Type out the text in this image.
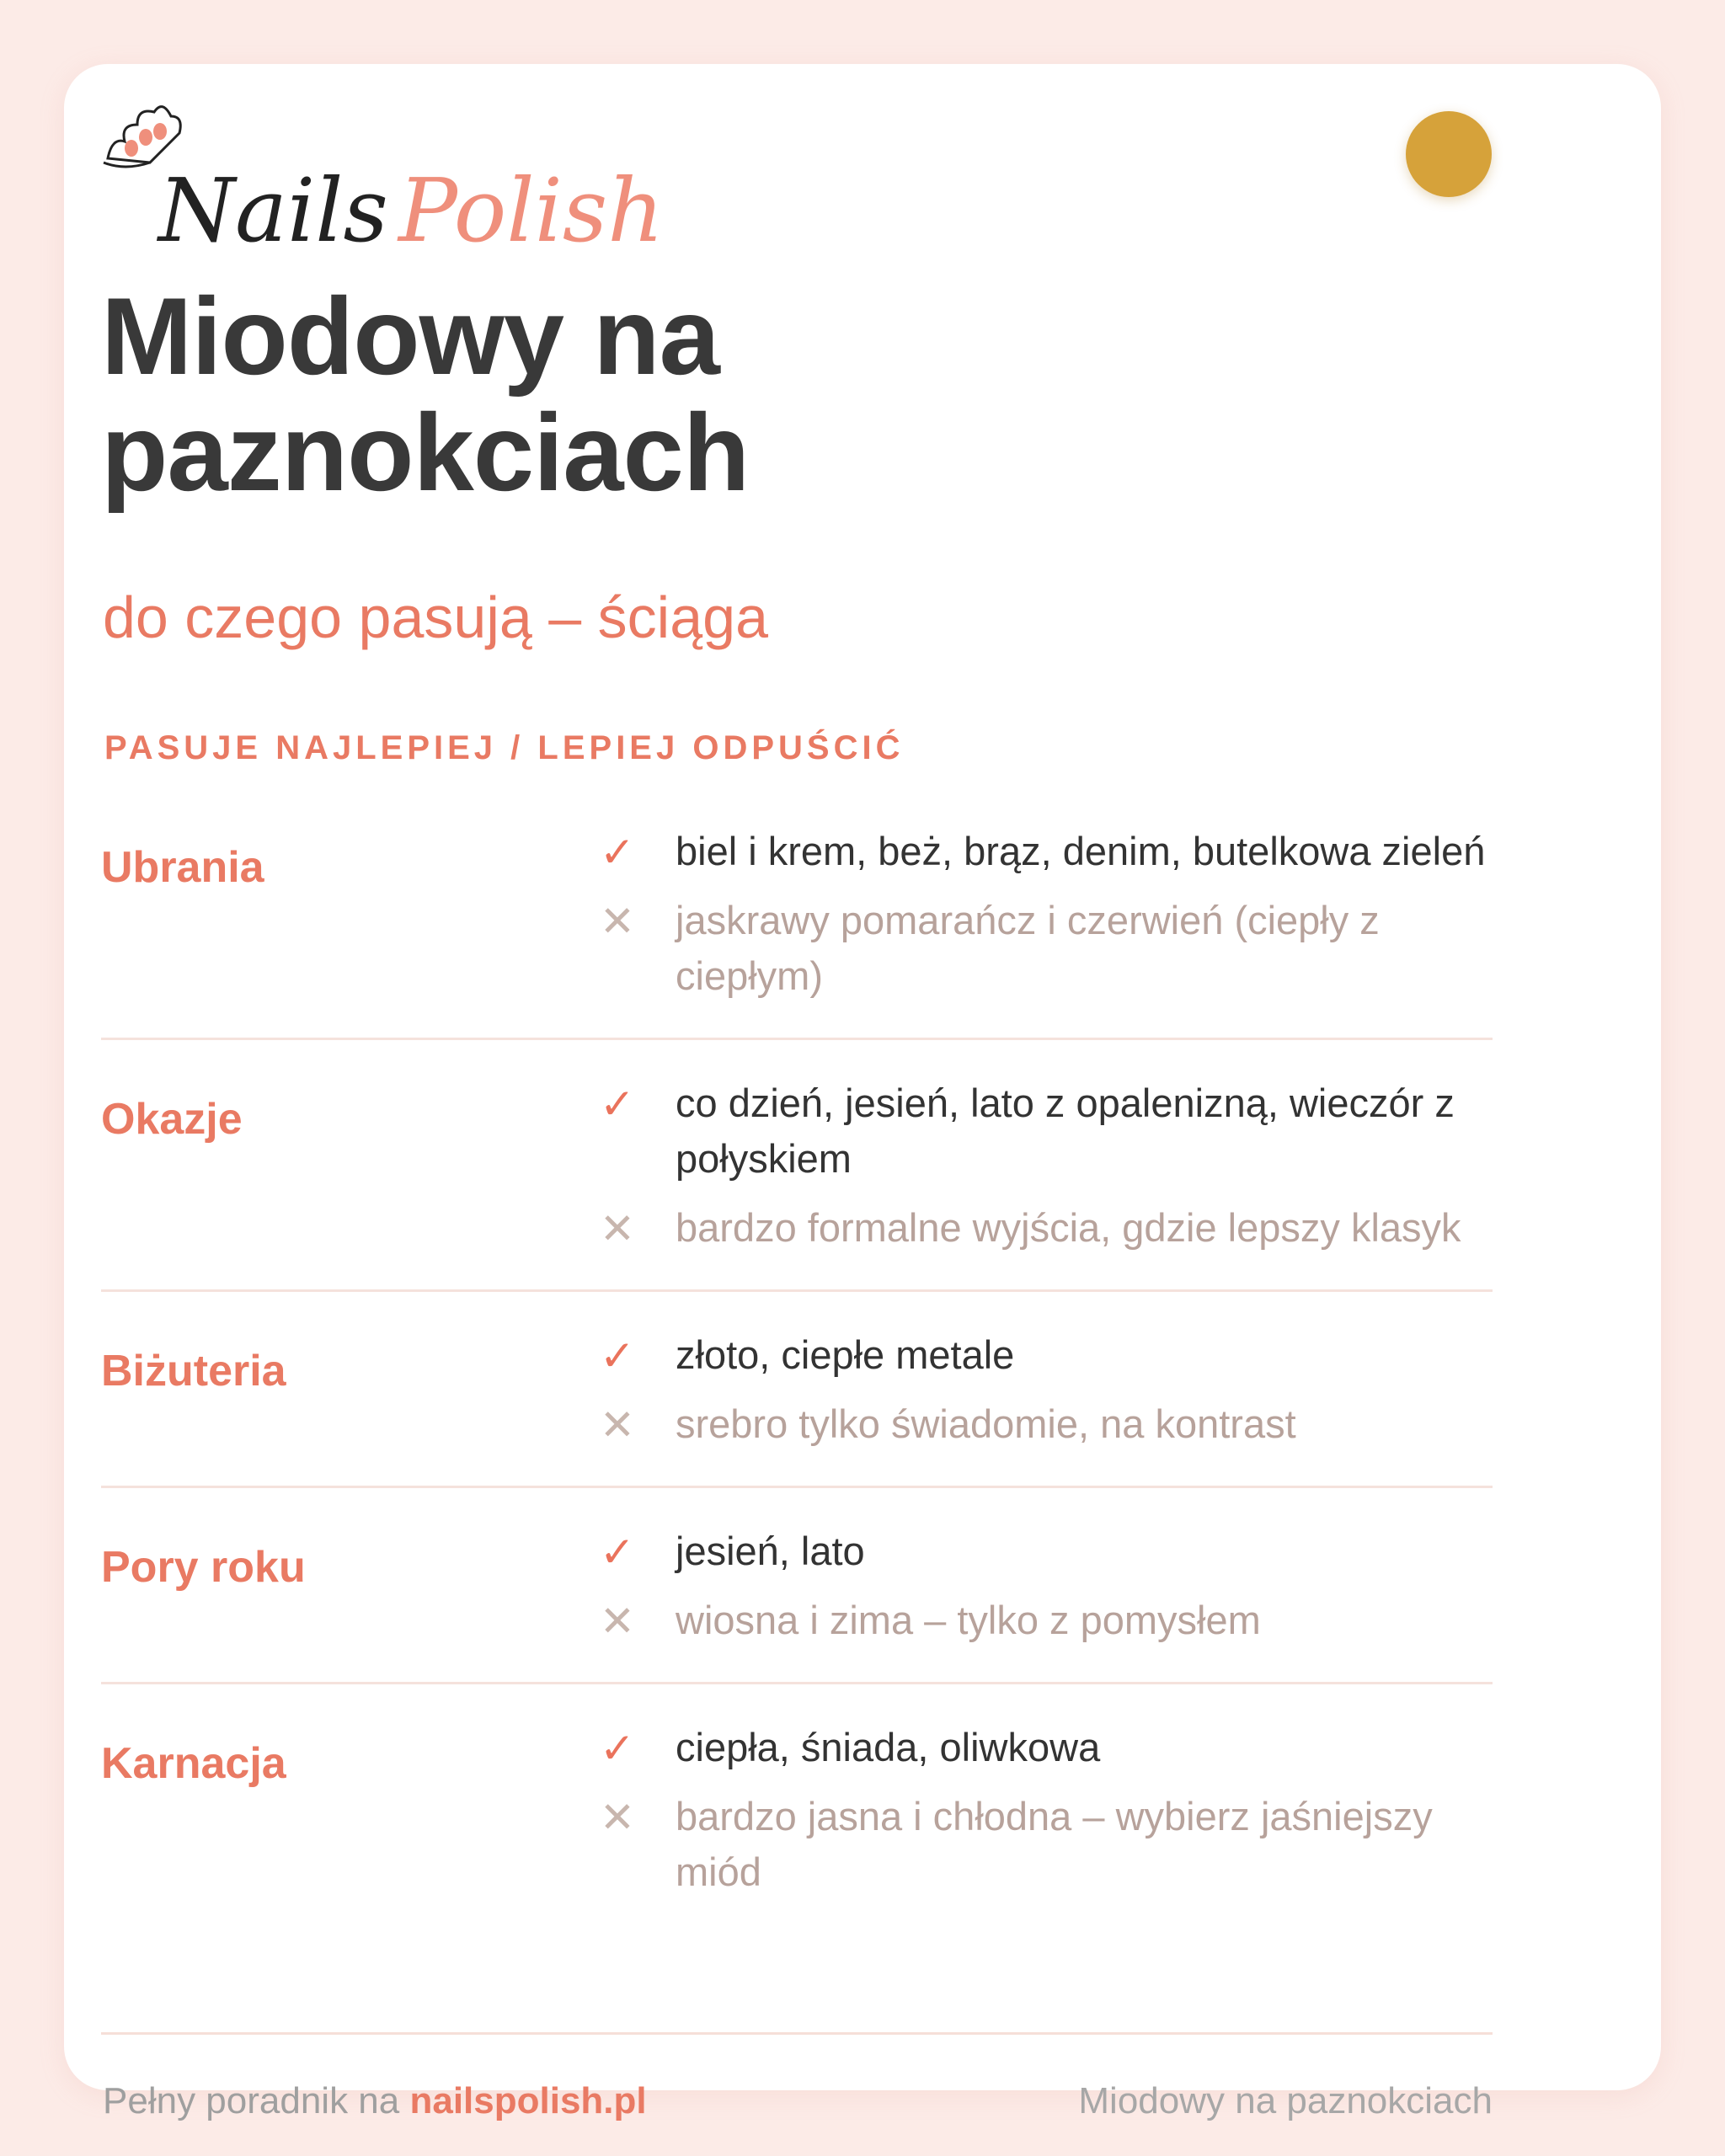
Nails Polish
Miodowy na paznokciach

do czego pasują – ściąga

PASUJE NAJLEPIEJ / LEPIEJ ODPUŚCIĆ

Ubrania	✓ biel i krem, beż, brąz, denim, butelkowa zieleń
✕ jaskrawy pomarańcz i czerwień (ciepły z ciepłym)
Okazje	✓ co dzień, jesień, lato z opalenizną, wieczór z połyskiem
✕ bardzo formalne wyjścia, gdzie lepszy klasyk
Biżuteria	✓ złoto, ciepłe metale
✕ srebro tylko świadomie, na kontrast
Pory roku	✓ jesień, lato
✕ wiosna i zima – tylko z pomysłem
Karnacja	✓ ciepła, śniada, oliwkowa
✕ bardzo jasna i chłodna – wybierz jaśniejszy miód
Pełny poradnik na nailspolish.pl	Miodowy na paznokciach
